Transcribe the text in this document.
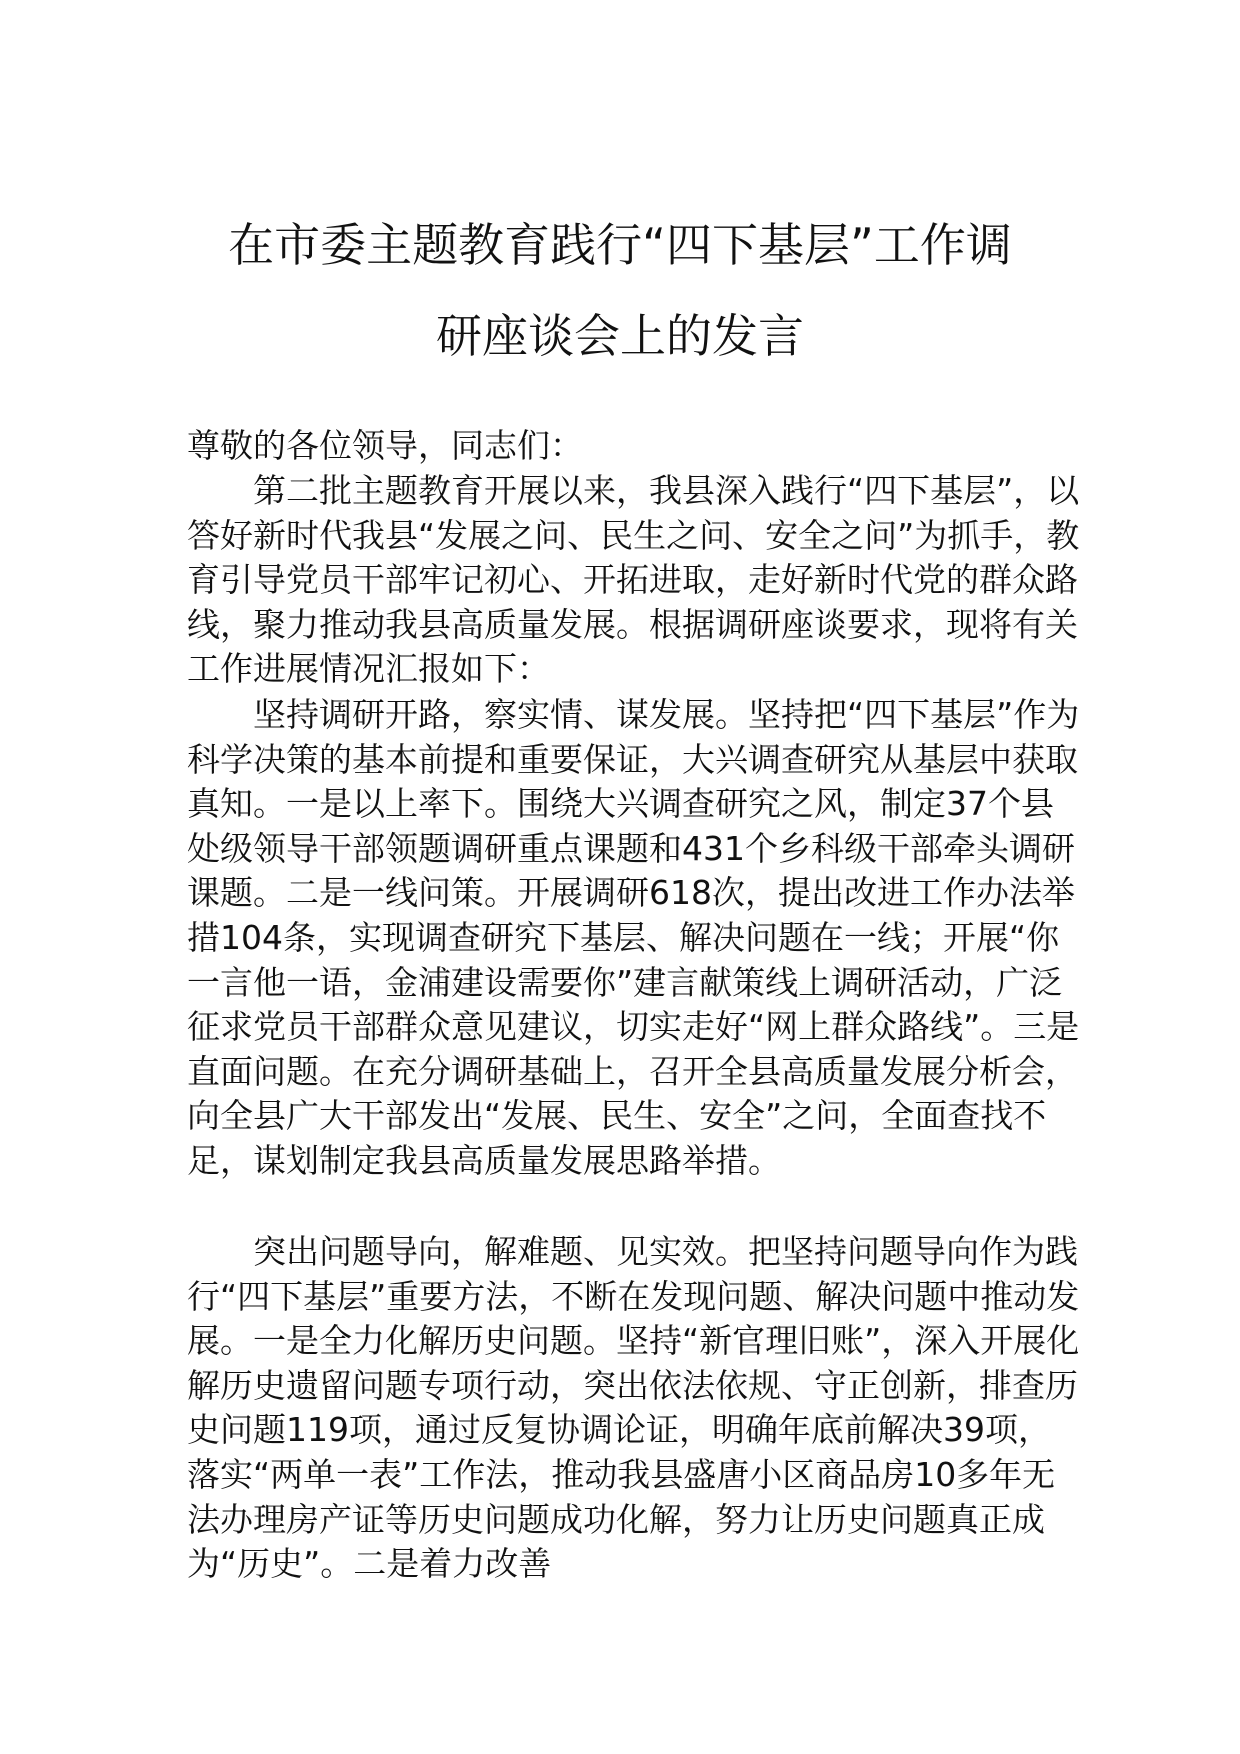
在市委主题教育践行“四下基层”工作调
研座谈会上的发言

尊敬的各位领导，同志们：

第二批主题教育开展以来，我县深入践行“四下基层”，以答好新时代我县“发展之问、民生之问、安全之问”为抓手，教育引导党员干部牢记初心、开拓进取，走好新时代党的群众路线，聚力推动我县高质量发展。根据调研座谈要求，现将有关工作进展情况汇报如下：

坚持调研开路，察实情、谋发展。坚持把“四下基层”作为科学决策的基本前提和重要保证，大兴调查研究从基层中获取真知。一是以上率下。围绕大兴调查研究之风，制定37个县处级领导干部领题调研重点课题和431个乡科级干部牵头调研课题。二是一线问策。开展调研618次，提出改进工作办法举措104条，实现调查研究下基层、解决问题在一线；开展“你一言他一语，金浦建设需要你”建言献策线上调研活动，广泛征求党员干部群众意见建议，切实走好“网上群众路线”。三是直面问题。在充分调研基础上，召开全县高质量发展分析会，向全县广大干部发出“发展、民生、安全”之问，全面查找不足，谋划制定我县高质量发展思路举措。

突出问题导向，解难题、见实效。把坚持问题导向作为践行“四下基层”重要方法，不断在发现问题、解决问题中推动发展。一是全力化解历史问题。坚持“新官理旧账”，深入开展化解历史遗留问题专项行动，突出依法依规、守正创新，排查历史问题119项，通过反复协调论证，明确年底前解决39项，落实“两单一表”工作法，推动我县盛唐小区商品房10多年无法办理房产证等历史问题成功化解，努力让历史问题真正成为“历史”。二是着力改善
